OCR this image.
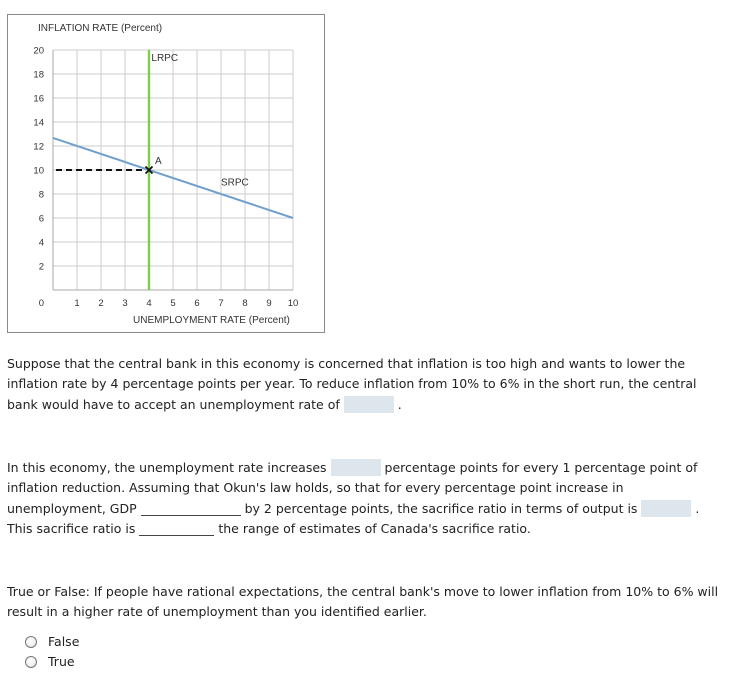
INFLATION RATE (Percent)
2
4
6
8
10
12
14
16
18
20
0	1 2 3 4 5 6 7 8 9 10
UNEMPLOYMENT RATE (Percent)
LRPC
SRPC
A

Suppose that the central bank in this economy is concerned that inflation is too high and wants to lower the inflation rate by 4 percentage points per year. To reduce inflation from 10% to 6% in the short run, the central bank would have to accept an unemployment rate of	.

In this economy, the unemployment rate increases	percentage points for every 1 percentage point of inflation reduction. Assuming that Okun's law holds, so that for every percentage point increase in unemployment, GDP	by 2 percentage points, the sacrifice ratio in terms of output is	. This sacrifice ratio is	the range of estimates of Canada's sacrifice ratio.

True or False: If people have rational expectations, the central bank's move to lower inflation from 10% to 6% will result in a higher rate of unemployment than you identified earlier.

False
True
